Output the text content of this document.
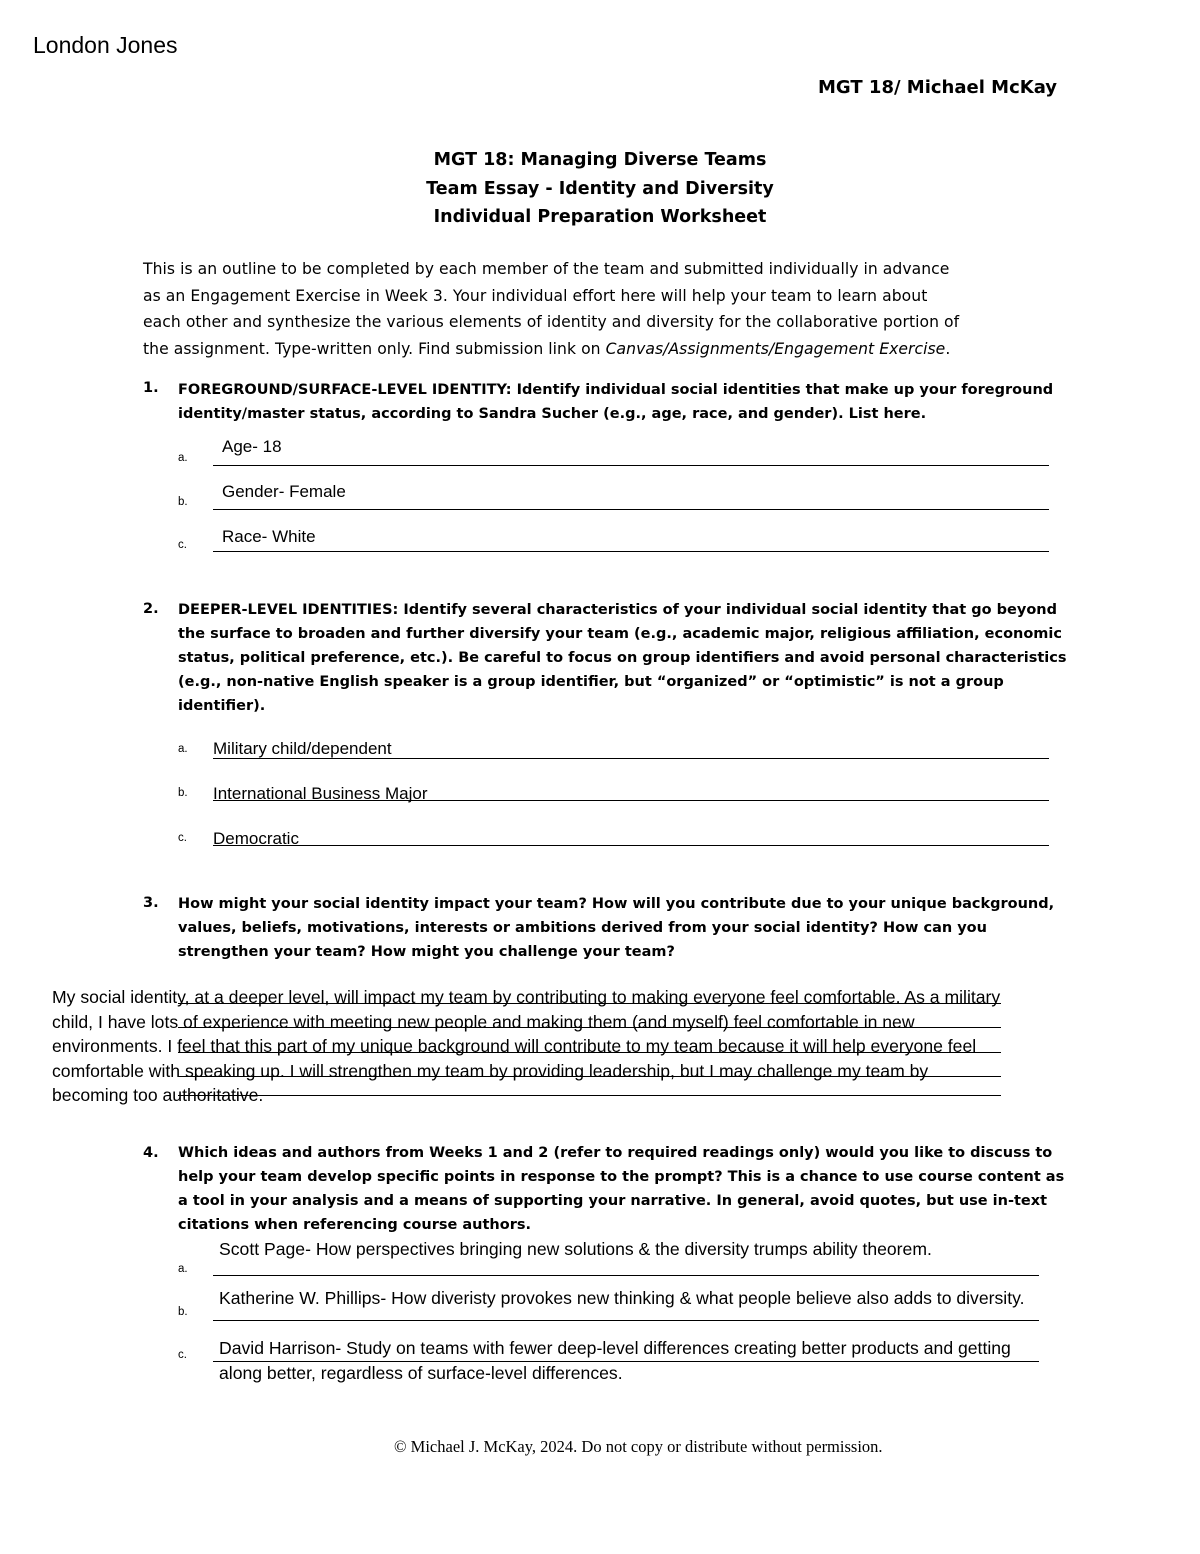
London Jones
MGT 18/ Michael McKay
MGT 18: Managing Diverse Teams
Team Essay - Identity and Diversity
Individual Preparation Worksheet
This is an outline to be completed by each member of the team and submitted individually in advance
as an Engagement Exercise in Week 3. Your individual effort here will help your team to learn about
each other and synthesize the various elements of identity and diversity for the collaborative portion of
the assignment. Type-written only. Find submission link on Canvas/Assignments/Engagement Exercise.
1. FOREGROUND/SURFACE-LEVEL IDENTITY: Identify individual social identities that make up your foreground
identity/master status, according to Sandra Sucher (e.g., age, race, and gender). List here.
a.
Age- 18
b.
Gender- Female
c. Race- White
2. DEEPER-LEVEL IDENTITIES: Identify several characteristics of your individual social identity that go beyond
the surface to broaden and further diversify your team (e.g., academic major, religious affiliation, economic
status, political preference, etc.). Be careful to focus on group identifiers and avoid personal characteristics
(e.g., non-native English speaker is a group identifier, but “organized” or “optimistic” is not a group
identifier).
a. Military child/dependent
b. International Business Major
c. Democratic
3. How might your social identity impact your team? How will you contribute due to your unique background,
values, beliefs, motivations, interests or ambitions derived from your social identity? How can you
strengthen your team? How might you challenge your team?
My social identity, at a deeper level, will impact my team by contributing to making everyone feel comfortable. As a military
child, I have lots of experience with meeting new people and making them (and myself) feel comfortable in new
environments. I feel that this part of my unique background will contribute to my team because it will help everyone feel
comfortable with speaking up. I will strengthen my team by providing leadership, but I may challenge my team by
becoming too authoritative.
4. Which ideas and authors from Weeks 1 and 2 (refer to required readings only) would you like to discuss to
help your team develop specific points in response to the prompt? This is a chance to use course content as
a tool in your analysis and a means of supporting your narrative. In general, avoid quotes, but use in-text
citations when referencing course authors.
a.
Scott Page- How perspectives bringing new solutions & the diversity trumps ability theorem.
b.
Katherine W. Phillips- How diveristy provokes new thinking & what people believe also adds to diversity.
c. David Harrison- Study on teams with fewer deep-level differences creating better products and getting
along better, regardless of surface-level differences.
© Michael J. McKay, 2024. Do not copy or distribute without permission.
